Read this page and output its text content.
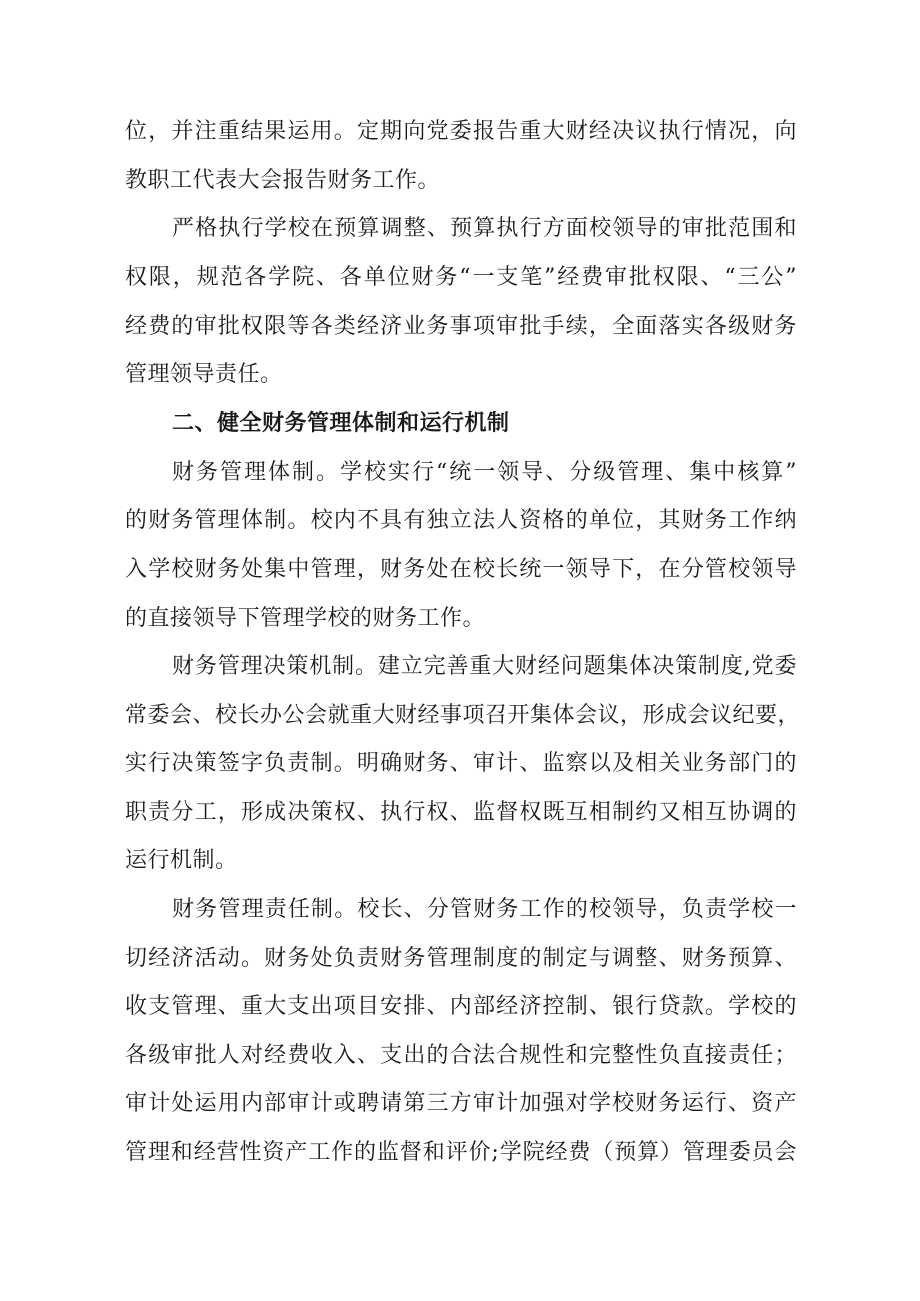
位，并注重结果运用。定期向党委报告重大财经决议执行情况，向
教职工代表大会报告财务工作。
严格执行学校在预算调整、预算执行方面校领导的审批范围和
权限，规范各学院、各单位财务“一支笔”经费审批权限、“三公”
经费的审批权限等各类经济业务事项审批手续，全面落实各级财务
管理领导责任。
二、健全财务管理体制和运行机制
财务管理体制。学校实行“统一领导、分级管理、集中核算”
的财务管理体制。校内不具有独立法人资格的单位，其财务工作纳
入学校财务处集中管理，财务处在校长统一领导下，在分管校领导
的直接领导下管理学校的财务工作。
财务管理决策机制。建立完善重大财经问题集体决策制度,党委
常委会、校长办公会就重大财经事项召开集体会议，形成会议纪要，
实行决策签字负责制。明确财务、审计、监察以及相关业务部门的
职责分工，形成决策权、执行权、监督权既互相制约又相互协调的
运行机制。
财务管理责任制。校长、分管财务工作的校领导，负责学校一
切经济活动。财务处负责财务管理制度的制定与调整、财务预算、
收支管理、重大支出项目安排、内部经济控制、银行贷款。学校的
各级审批人对经费收入、支出的合法合规性和完整性负直接责任；
审计处运用内部审计或聘请第三方审计加强对学校财务运行、资产
管理和经营性资产工作的监督和评价;学院经费（预算）管理委员会
